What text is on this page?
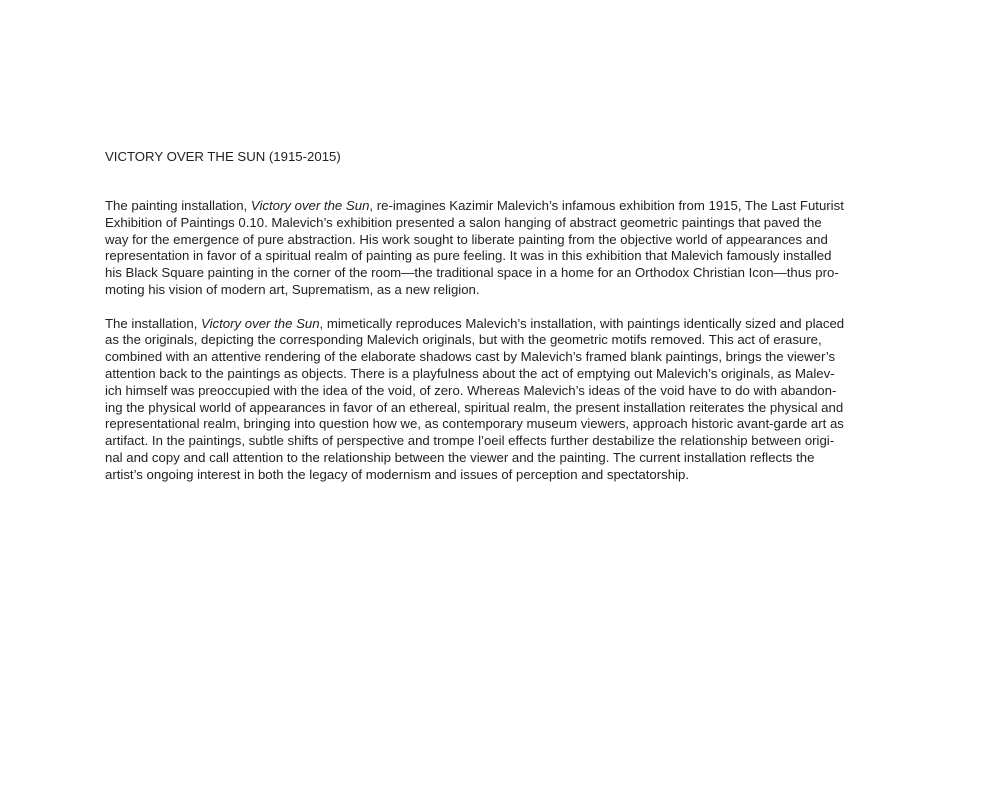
VICTORY OVER THE SUN (1915-2015)
The painting installation, Victory over the Sun, re-imagines Kazimir Malevich’s infamous exhibition from 1915, The Last Futurist
Exhibition of Paintings 0.10. Malevich’s exhibition presented a salon hanging of abstract geometric paintings that paved the
way for the emergence of pure abstraction. His work sought to liberate painting from the objective world of appearances and
representation in favor of a spiritual realm of painting as pure feeling. It was in this exhibition that Malevich famously installed
his Black Square painting in the corner of the room—the traditional space in a home for an Orthodox Christian Icon—thus pro-
moting his vision of modern art, Suprematism, as a new religion.
The installation, Victory over the Sun, mimetically reproduces Malevich’s installation, with paintings identically sized and placed
as the originals, depicting the corresponding Malevich originals, but with the geometric motifs removed. This act of erasure,
combined with an attentive rendering of the elaborate shadows cast by Malevich’s framed blank paintings, brings the viewer’s
attention back to the paintings as objects. There is a playfulness about the act of emptying out Malevich’s originals, as Malev-
ich himself was preoccupied with the idea of the void, of zero. Whereas Malevich’s ideas of the void have to do with abandon-
ing the physical world of appearances in favor of an ethereal, spiritual realm, the present installation reiterates the physical and
representational realm, bringing into question how we, as contemporary museum viewers, approach historic avant-garde art as
artifact. In the paintings, subtle shifts of perspective and trompe l’oeil effects further destabilize the relationship between origi-
nal and copy and call attention to the relationship between the viewer and the painting. The current installation reflects the
artist’s ongoing interest in both the legacy of modernism and issues of perception and spectatorship.
